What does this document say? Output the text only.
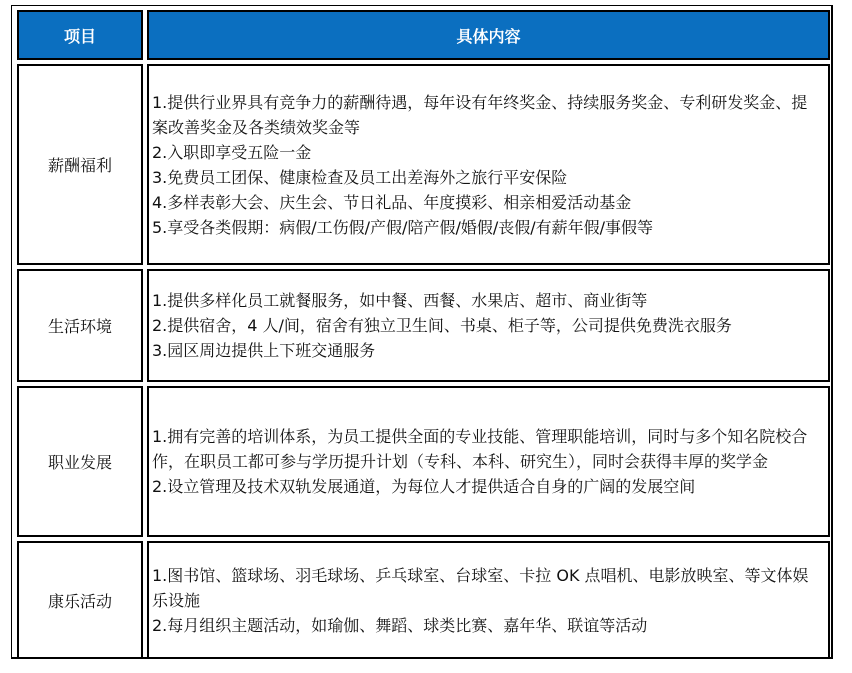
项目	具体内容
薪酬福利

1.提供行业界具有竞争力的薪酬待遇，每年设有年终奖金、持续服务奖金、专利研发奖金、提案改善奖金及各类绩效奖金等

2.入职即享受五险一金

3.免费员工团保、健康检查及员工出差海外之旅行平安保险

4.多样表彰大会、庆生会、节日礼品、年度摸彩、相亲相爱活动基金

5.享受各类假期：病假/工伤假/产假/陪产假/婚假/丧假/有薪年假/事假等

生活环境

1.提供多样化员工就餐服务，如中餐、西餐、水果店、超市、商业街等

2.提供宿舍，4 人/间，宿舍有独立卫生间、书桌、柜子等，公司提供免费洗衣服务

3.园区周边提供上下班交通服务

职业发展

1.拥有完善的培训体系，为员工提供全面的专业技能、管理职能培训，同时与多个知名院校合作，在职员工都可参与学历提升计划（专科、本科、研究生），同时会获得丰厚的奖学金

2.设立管理及技术双轨发展通道，为每位人才提供适合自身的广阔的发展空间

康乐活动

1.图书馆、篮球场、羽毛球场、乒乓球室、台球室、卡拉 OK 点唱机、电影放映室、等文体娱乐设施

2.每月组织主题活动，如瑜伽、舞蹈、球类比赛、嘉年华、联谊等活动
